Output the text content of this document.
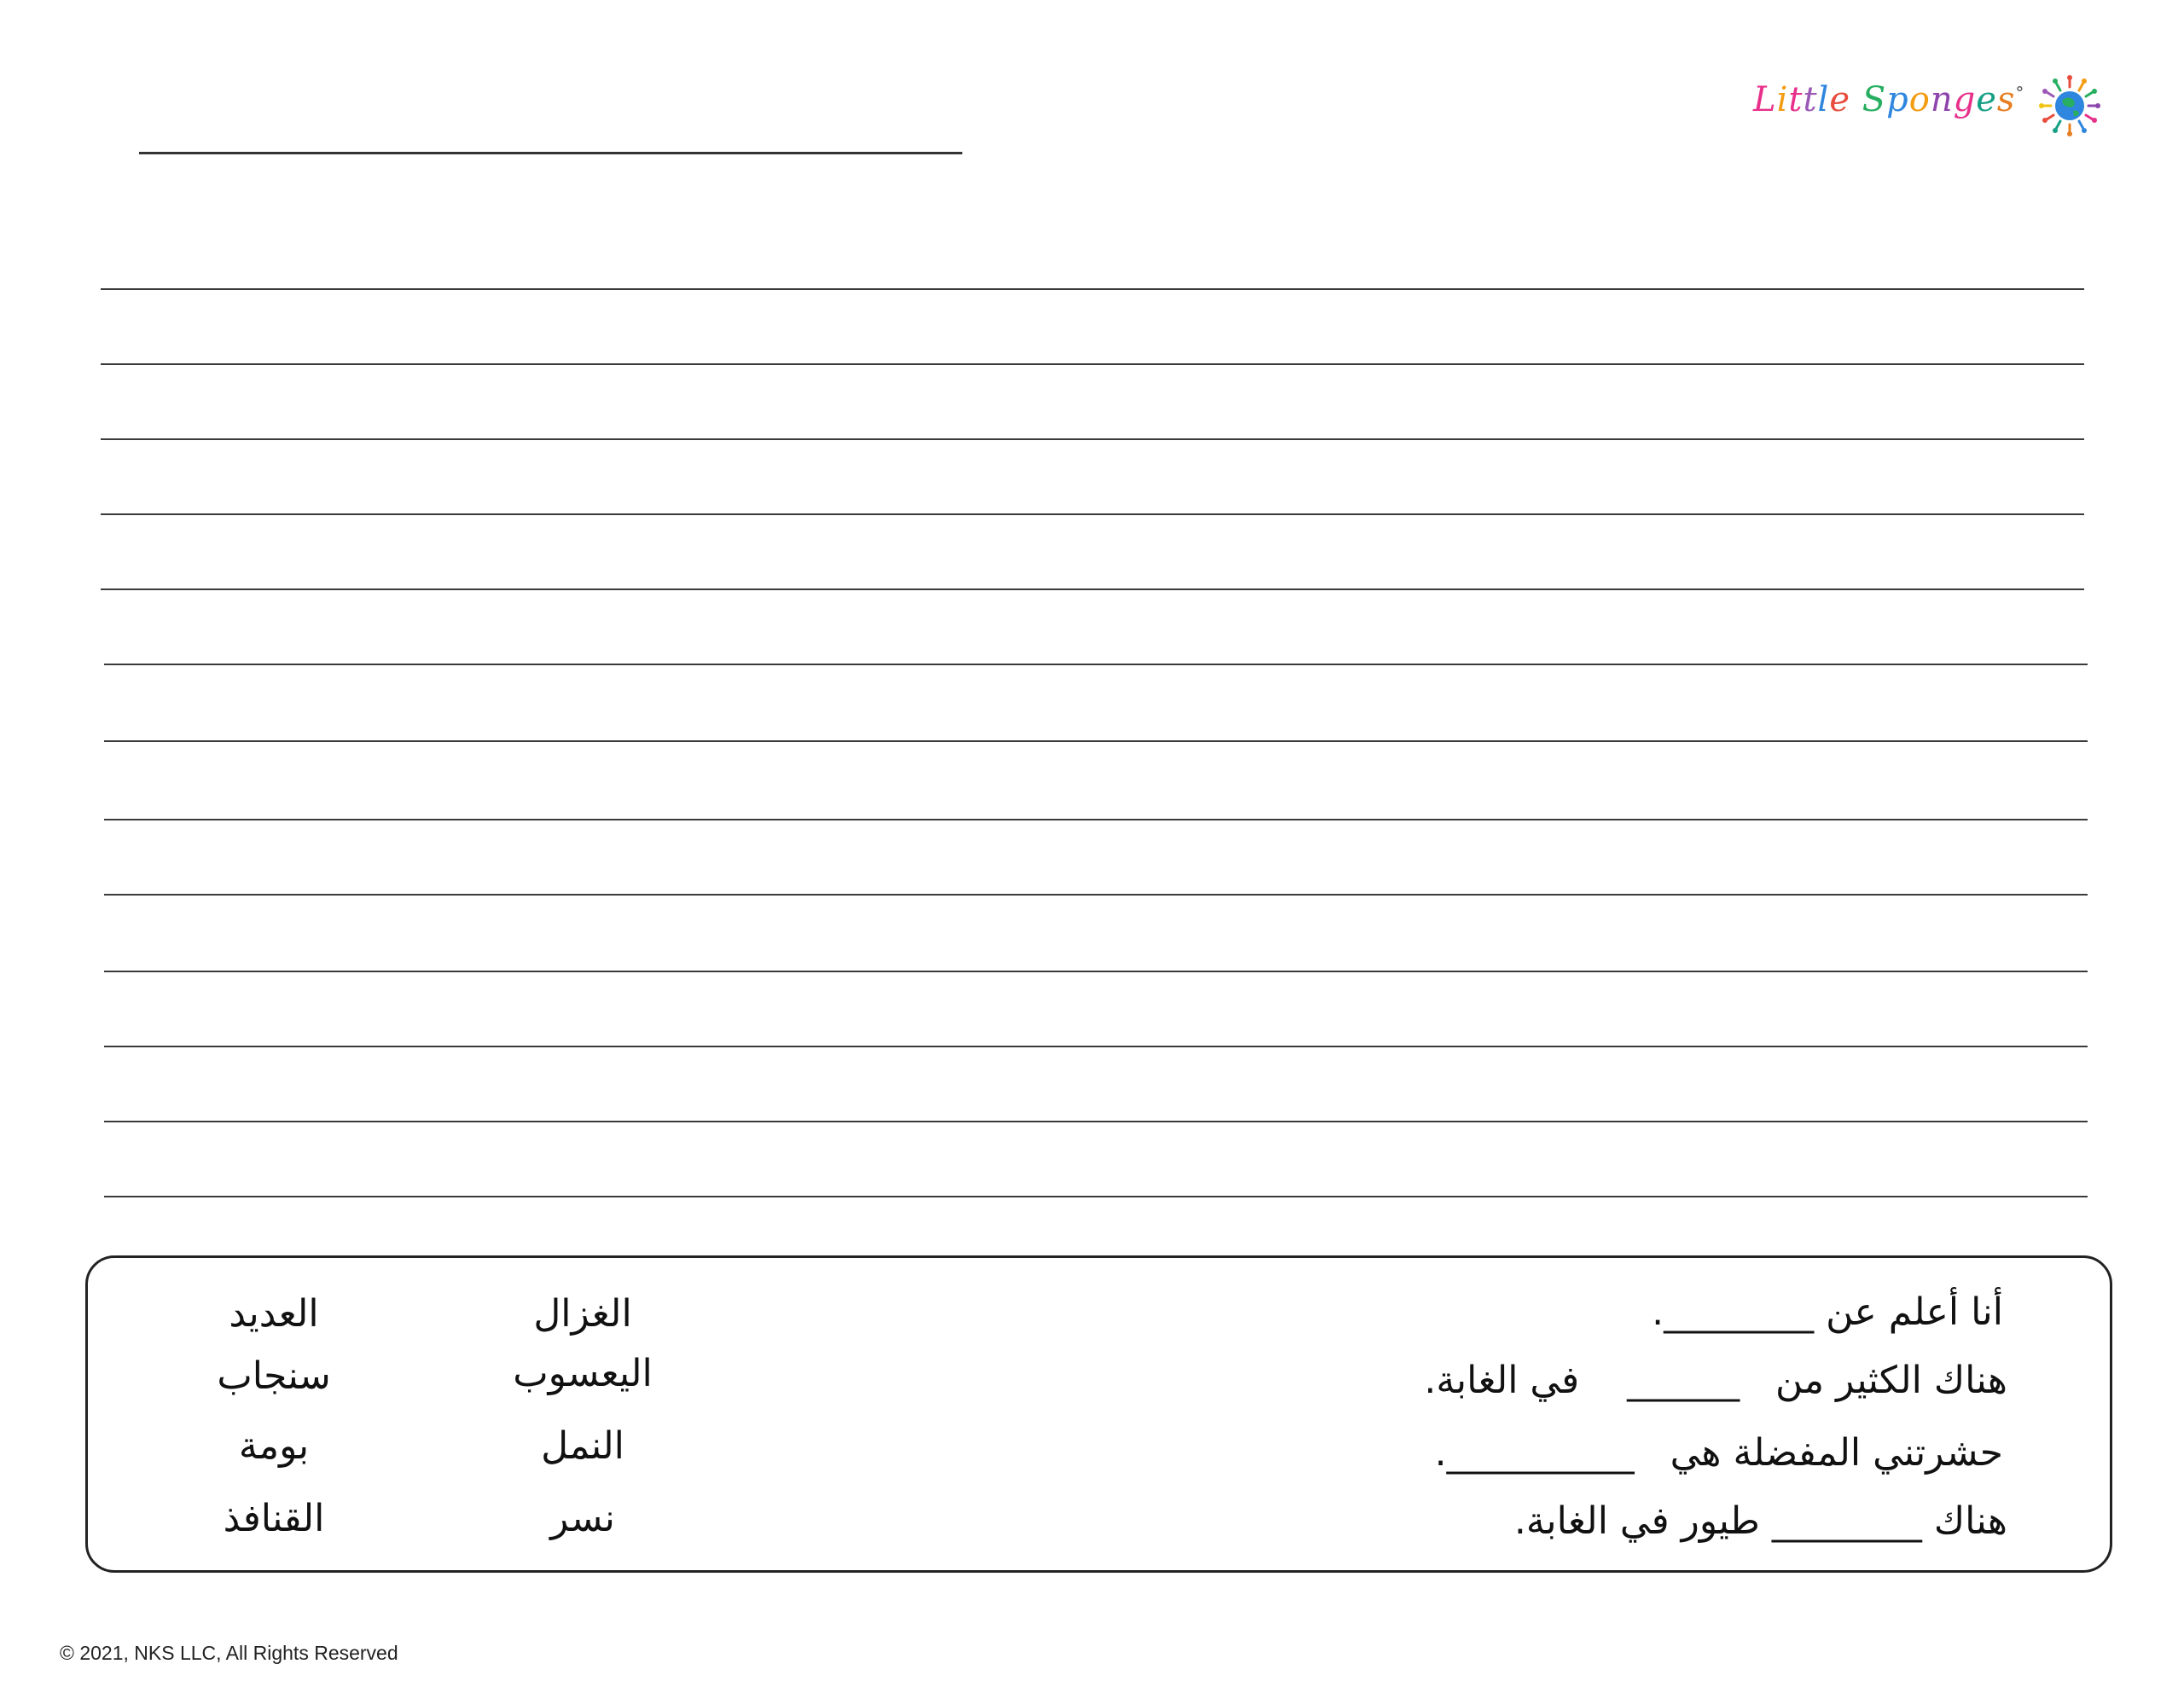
Little Sponges°
الغزال
اليعسوب
النمل
نسر
العديد
سنجاب
بومة
القنافذ
أنا أعلم عن ________.
هناك الكثير من   ______    في الغابة.
حشرتني المفضلة هي   __________.
هناك ________ طيور في الغابة.
© 2021, NKS LLC, All Rights Reserved
